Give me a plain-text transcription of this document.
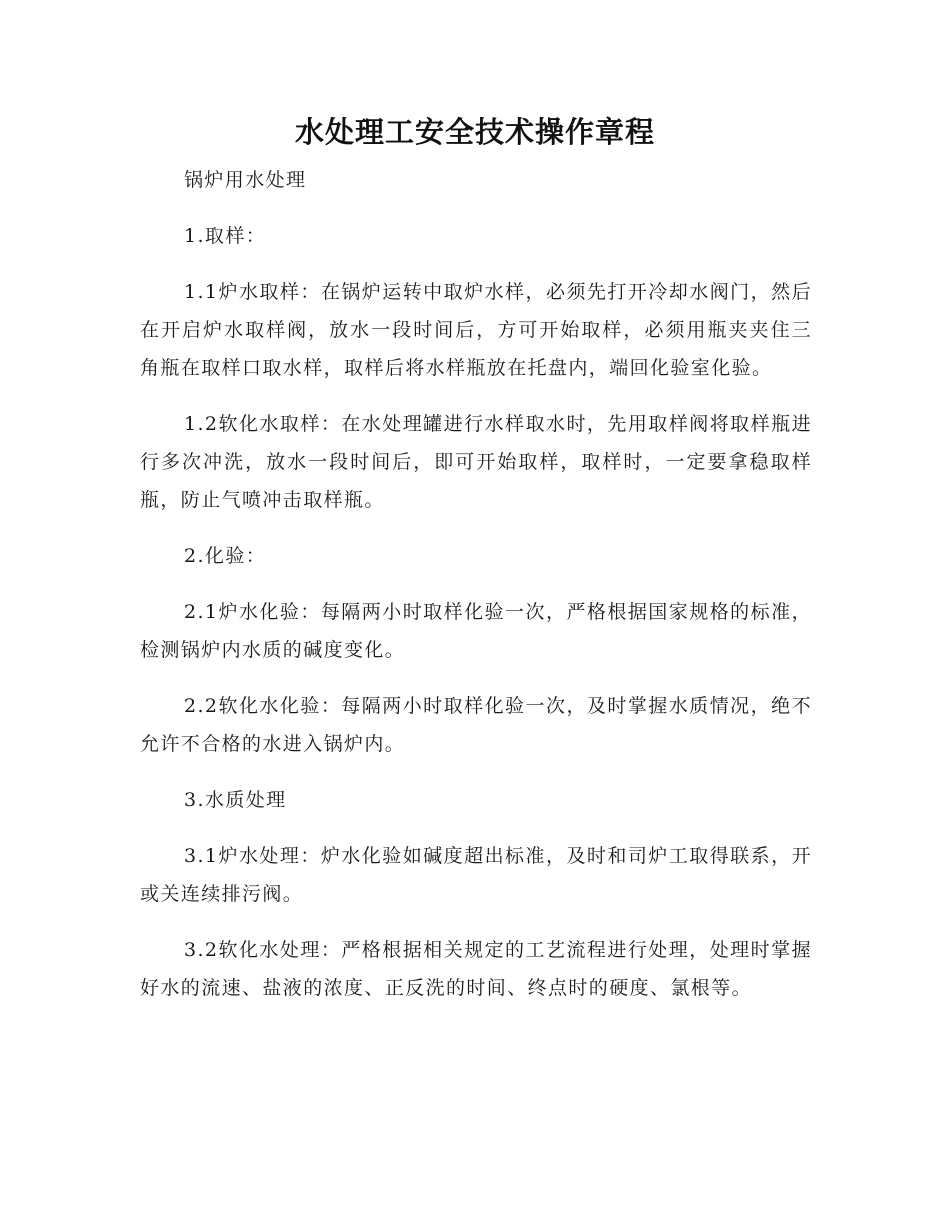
水处理工安全技术操作章程

锅炉用水处理

1.取样：

1.1炉水取样：在锅炉运转中取炉水样，必须先打开冷却水阀门，然后在开启炉水取样阀，放水一段时间后，方可开始取样，必须用瓶夹夹住三角瓶在取样口取水样，取样后将水样瓶放在托盘内，端回化验室化验。

1.2软化水取样：在水处理罐进行水样取水时，先用取样阀将取样瓶进行多次冲洗，放水一段时间后，即可开始取样，取样时，一定要拿稳取样瓶，防止气喷冲击取样瓶。

2.化验：

2.1炉水化验：每隔两小时取样化验一次，严格根据国家规格的标准， 检测锅炉内水质的碱度变化。

2.2软化水化验：每隔两小时取样化验一次，及时掌握水质情况，绝不允许不合格的水进入锅炉内。

3.水质处理

3.1炉水处理：炉水化验如碱度超出标准，及时和司炉工取得联系，开或关连续排污阀。

3.2软化水处理：严格根据相关规定的工艺流程进行处理，处理时掌握好水的流速、盐液的浓度、正反洗的时间、终点时的硬度、氯根等。
